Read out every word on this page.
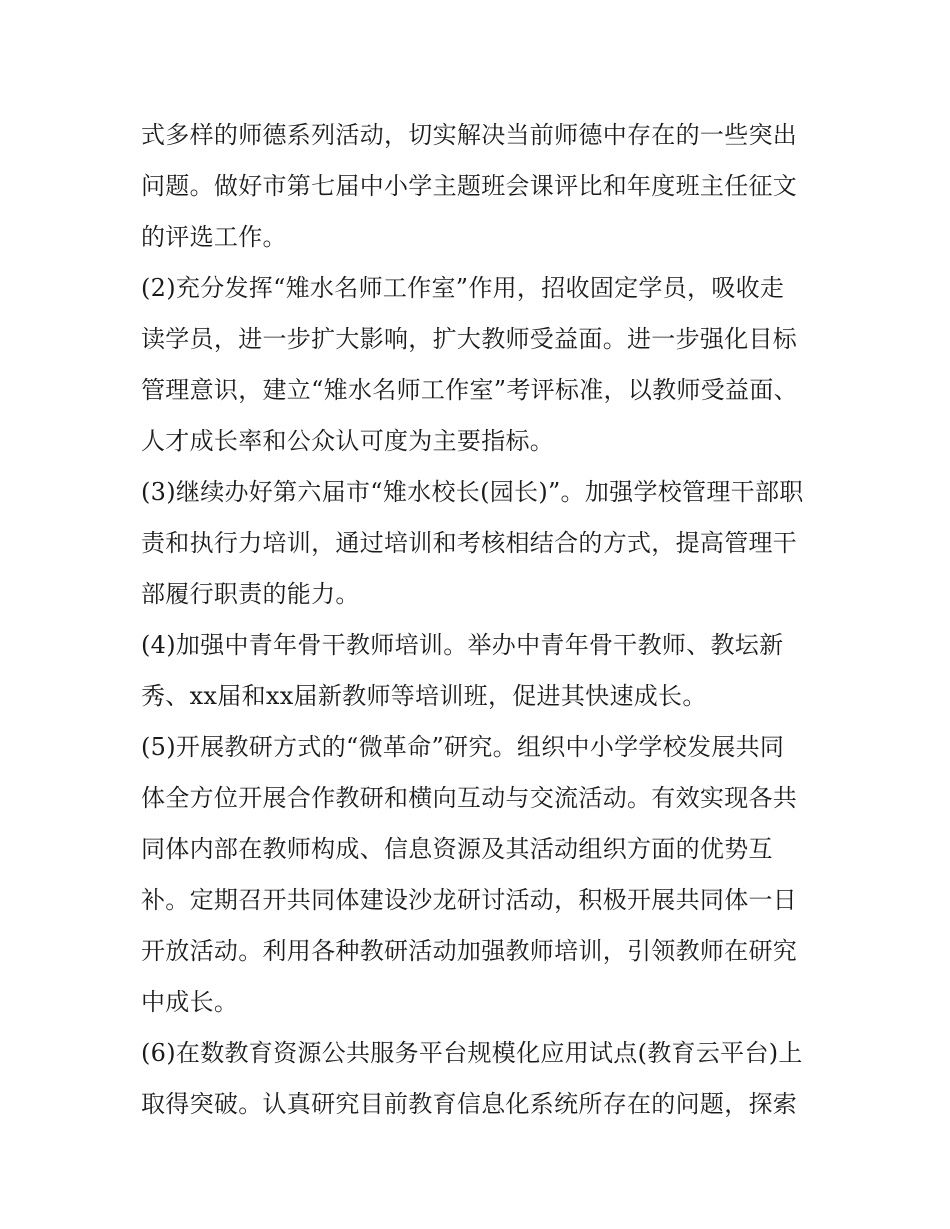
式多样的师德系列活动，切实解决当前师德中存在的一些突出
问题。做好市第七届中小学主题班会课评比和年度班主任征文
的评选工作。
(2)充分发挥“雉水名师工作室”作用，招收固定学员，吸收走
读学员，进一步扩大影响，扩大教师受益面。进一步强化目标
管理意识，建立“雉水名师工作室”考评标准，以教师受益面、
人才成长率和公众认可度为主要指标。
(3)继续办好第六届市“雉水校长(园长)”。加强学校管理干部职
责和执行力培训，通过培训和考核相结合的方式，提高管理干
部履行职责的能力。
(4)加强中青年骨干教师培训。举办中青年骨干教师、教坛新
秀、xx届和xx届新教师等培训班，促进其快速成长。
(5)开展教研方式的“微革命”研究。组织中小学学校发展共同
体全方位开展合作教研和横向互动与交流活动。有效实现各共
同体内部在教师构成、信息资源及其活动组织方面的优势互
补。定期召开共同体建设沙龙研讨活动，积极开展共同体一日
开放活动。利用各种教研活动加强教师培训，引领教师在研究
中成长。
(6)在数教育资源公共服务平台规模化应用试点(教育云平台)上
取得突破。认真研究目前教育信息化系统所存在的问题，探索
